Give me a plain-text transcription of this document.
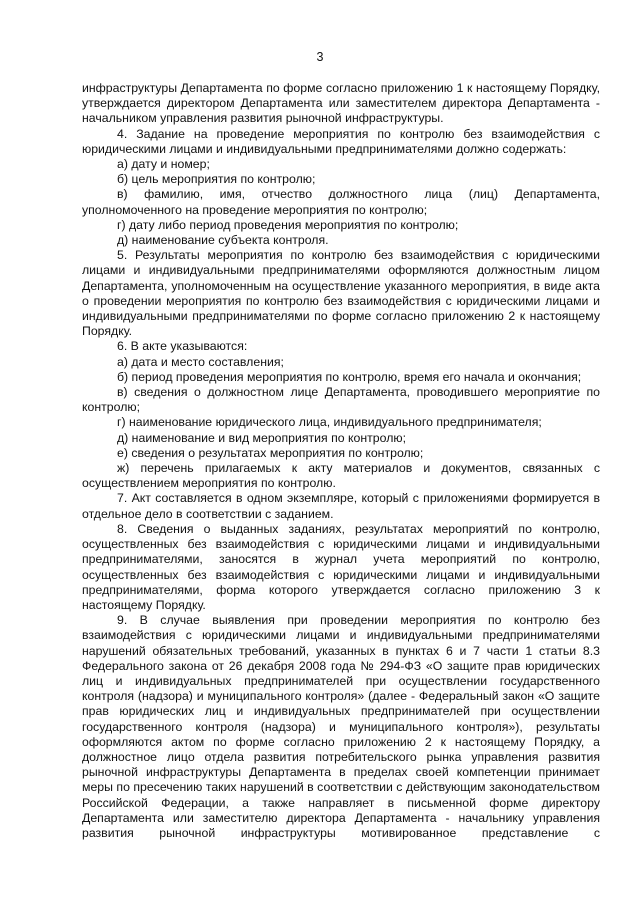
3

инфраструктуры Департамента по форме согласно приложению 1 к настоящему Порядку, утверждается директором Департамента или заместителем директора Департамента - начальником управления развития рыночной инфраструктуры.

4. Задание на проведение мероприятия по контролю без взаимодействия с юридическими лицами и индивидуальными предпринимателями должно содержать:

а) дату и номер;

б) цель мероприятия по контролю;

в) фамилию, имя, отчество должностного лица (лиц) Департамента, уполномоченного на проведение мероприятия по контролю;

г) дату либо период проведения мероприятия по контролю;

д) наименование субъекта контроля.

5. Результаты мероприятия по контролю без взаимодействия с юридическими лицами и индивидуальными предпринимателями оформляются должностным лицом Департамента, уполномоченным на осуществление указанного мероприятия, в виде акта о проведении мероприятия по контролю без взаимодействия с юридическими лицами и индивидуальными предпринимателями по форме согласно приложению 2 к настоящему Порядку.

6. В акте указываются:

а) дата и место составления;

б) период проведения мероприятия по контролю, время его начала и окончания;

в) сведения о должностном лице Департамента, проводившего мероприятие по контролю;

г) наименование юридического лица, индивидуального предпринимателя;

д) наименование и вид мероприятия по контролю;

е) сведения о результатах мероприятия по контролю;

ж) перечень прилагаемых к акту материалов и документов, связанных с осуществлением мероприятия по контролю.

7. Акт составляется в одном экземпляре, который с приложениями формируется в отдельное дело в соответствии с заданием.

8. Сведения о выданных заданиях, результатах мероприятий по контролю, осуществленных без взаимодействия с юридическими лицами и индивидуальными предпринимателями, заносятся в журнал учета мероприятий по контролю, осуществленных без взаимодействия с юридическими лицами и индивидуальными предпринимателями, форма которого утверждается согласно приложению 3 к настоящему Порядку.

9. В случае выявления при проведении мероприятия по контролю без взаимодействия с юридическими лицами и индивидуальными предпринимателями нарушений обязательных требований, указанных в пунктах 6 и 7 части 1 статьи 8.3 Федерального закона от 26 декабря 2008 года № 294-ФЗ «О защите прав юридических лиц и индивидуальных предпринимателей при осуществлении государственного контроля (надзора) и муниципального контроля» (далее - Федеральный закон «О защите прав юридических лиц и индивидуальных предпринимателей при осуществлении государственного контроля (надзора) и муниципального контроля»), результаты оформляются актом по форме согласно приложению 2 к настоящему Порядку, а должностное лицо отдела развития потребительского рынка управления развития рыночной инфраструктуры Департамента в пределах своей компетенции принимает меры по пресечению таких нарушений в соответствии с действующим законодательством Российской Федерации, а также направляет в письменной форме директору Департамента или заместителю директора Департамента - начальнику управления развития рыночной инфраструктуры мотивированное представление с
